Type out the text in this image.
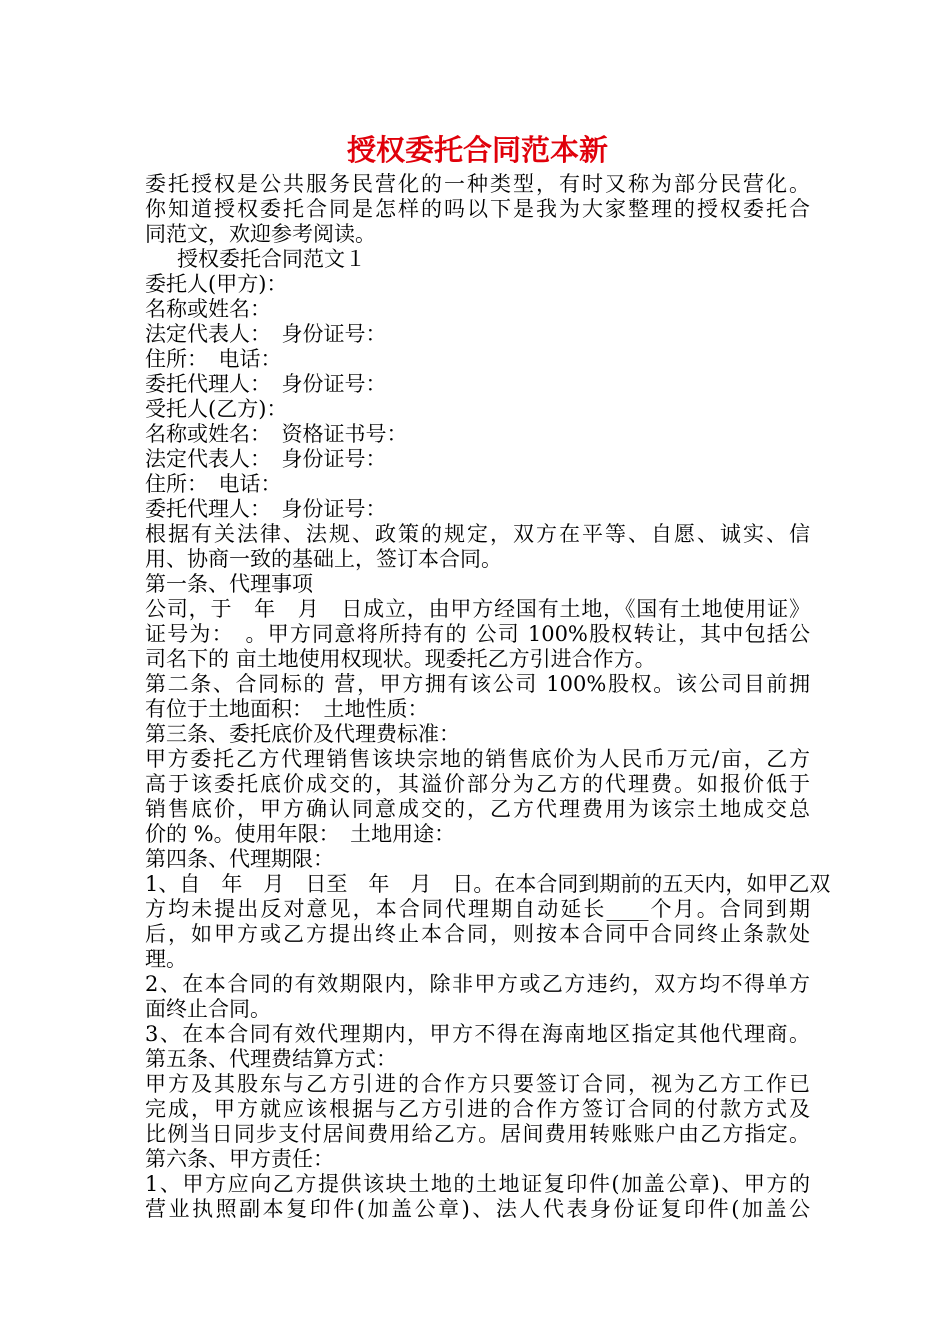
授权委托合同范本新

委托授权是公共服务民营化的一种类型，有时又称为部分民营化。

你知道授权委托合同是怎样的吗以下是我为大家整理的授权委托合

同范文，欢迎参考阅读。

授权委托合同范文１

委托人(甲方)：

名称或姓名：

法定代表人：　身份证号：

住所：　电话：

委托代理人：　身份证号：

受托人(乙方)：

名称或姓名：　资格证书号：

法定代表人：　身份证号：

住所：　电话：

委托代理人：　身份证号：

根据有关法律、法规、政策的规定，双方在平等、自愿、诚实、信

用、协商一致的基础上，签订本合同。

第一条、代理事项

公司，于　年　月　日成立，由甲方经国有土地，《国有土地使用证》

证号为：　。甲方同意将所持有的 公司 100%股权转让，其中包括公

司名下的 亩土地使用权现状。现委托乙方引进合作方。

第二条、合同标的 营，甲方拥有该公司 100%股权。该公司目前拥

有位于土地面积：　土地性质：

第三条、委托底价及代理费标准：

甲方委托乙方代理销售该块宗地的销售底价为人民币万元/亩，乙方

高于该委托底价成交的，其溢价部分为乙方的代理费。如报价低于

销售底价，甲方确认同意成交的，乙方代理费用为该宗土地成交总

价的 %。使用年限：　土地用途：

第四条、代理期限：

1、自　年　月　日至　年　月　日。在本合同到期前的五天内，如甲乙双

方均未提出反对意见，本合同代理期自动延长____个月。合同到期

后，如甲方或乙方提出终止本合同，则按本合同中合同终止条款处

理。

2、在本合同的有效期限内，除非甲方或乙方违约，双方均不得单方

面终止合同。

3、在本合同有效代理期内，甲方不得在海南地区指定其他代理商。

第五条、代理费结算方式：

甲方及其股东与乙方引进的合作方只要签订合同，视为乙方工作已

完成，甲方就应该根据与乙方引进的合作方签订合同的付款方式及

比例当日同步支付居间费用给乙方。居间费用转账账户由乙方指定。

第六条、甲方责任：

1、甲方应向乙方提供该块土地的土地证复印件(加盖公章)、甲方的

营业执照副本复印件(加盖公章)、法人代表身份证复印件(加盖公
